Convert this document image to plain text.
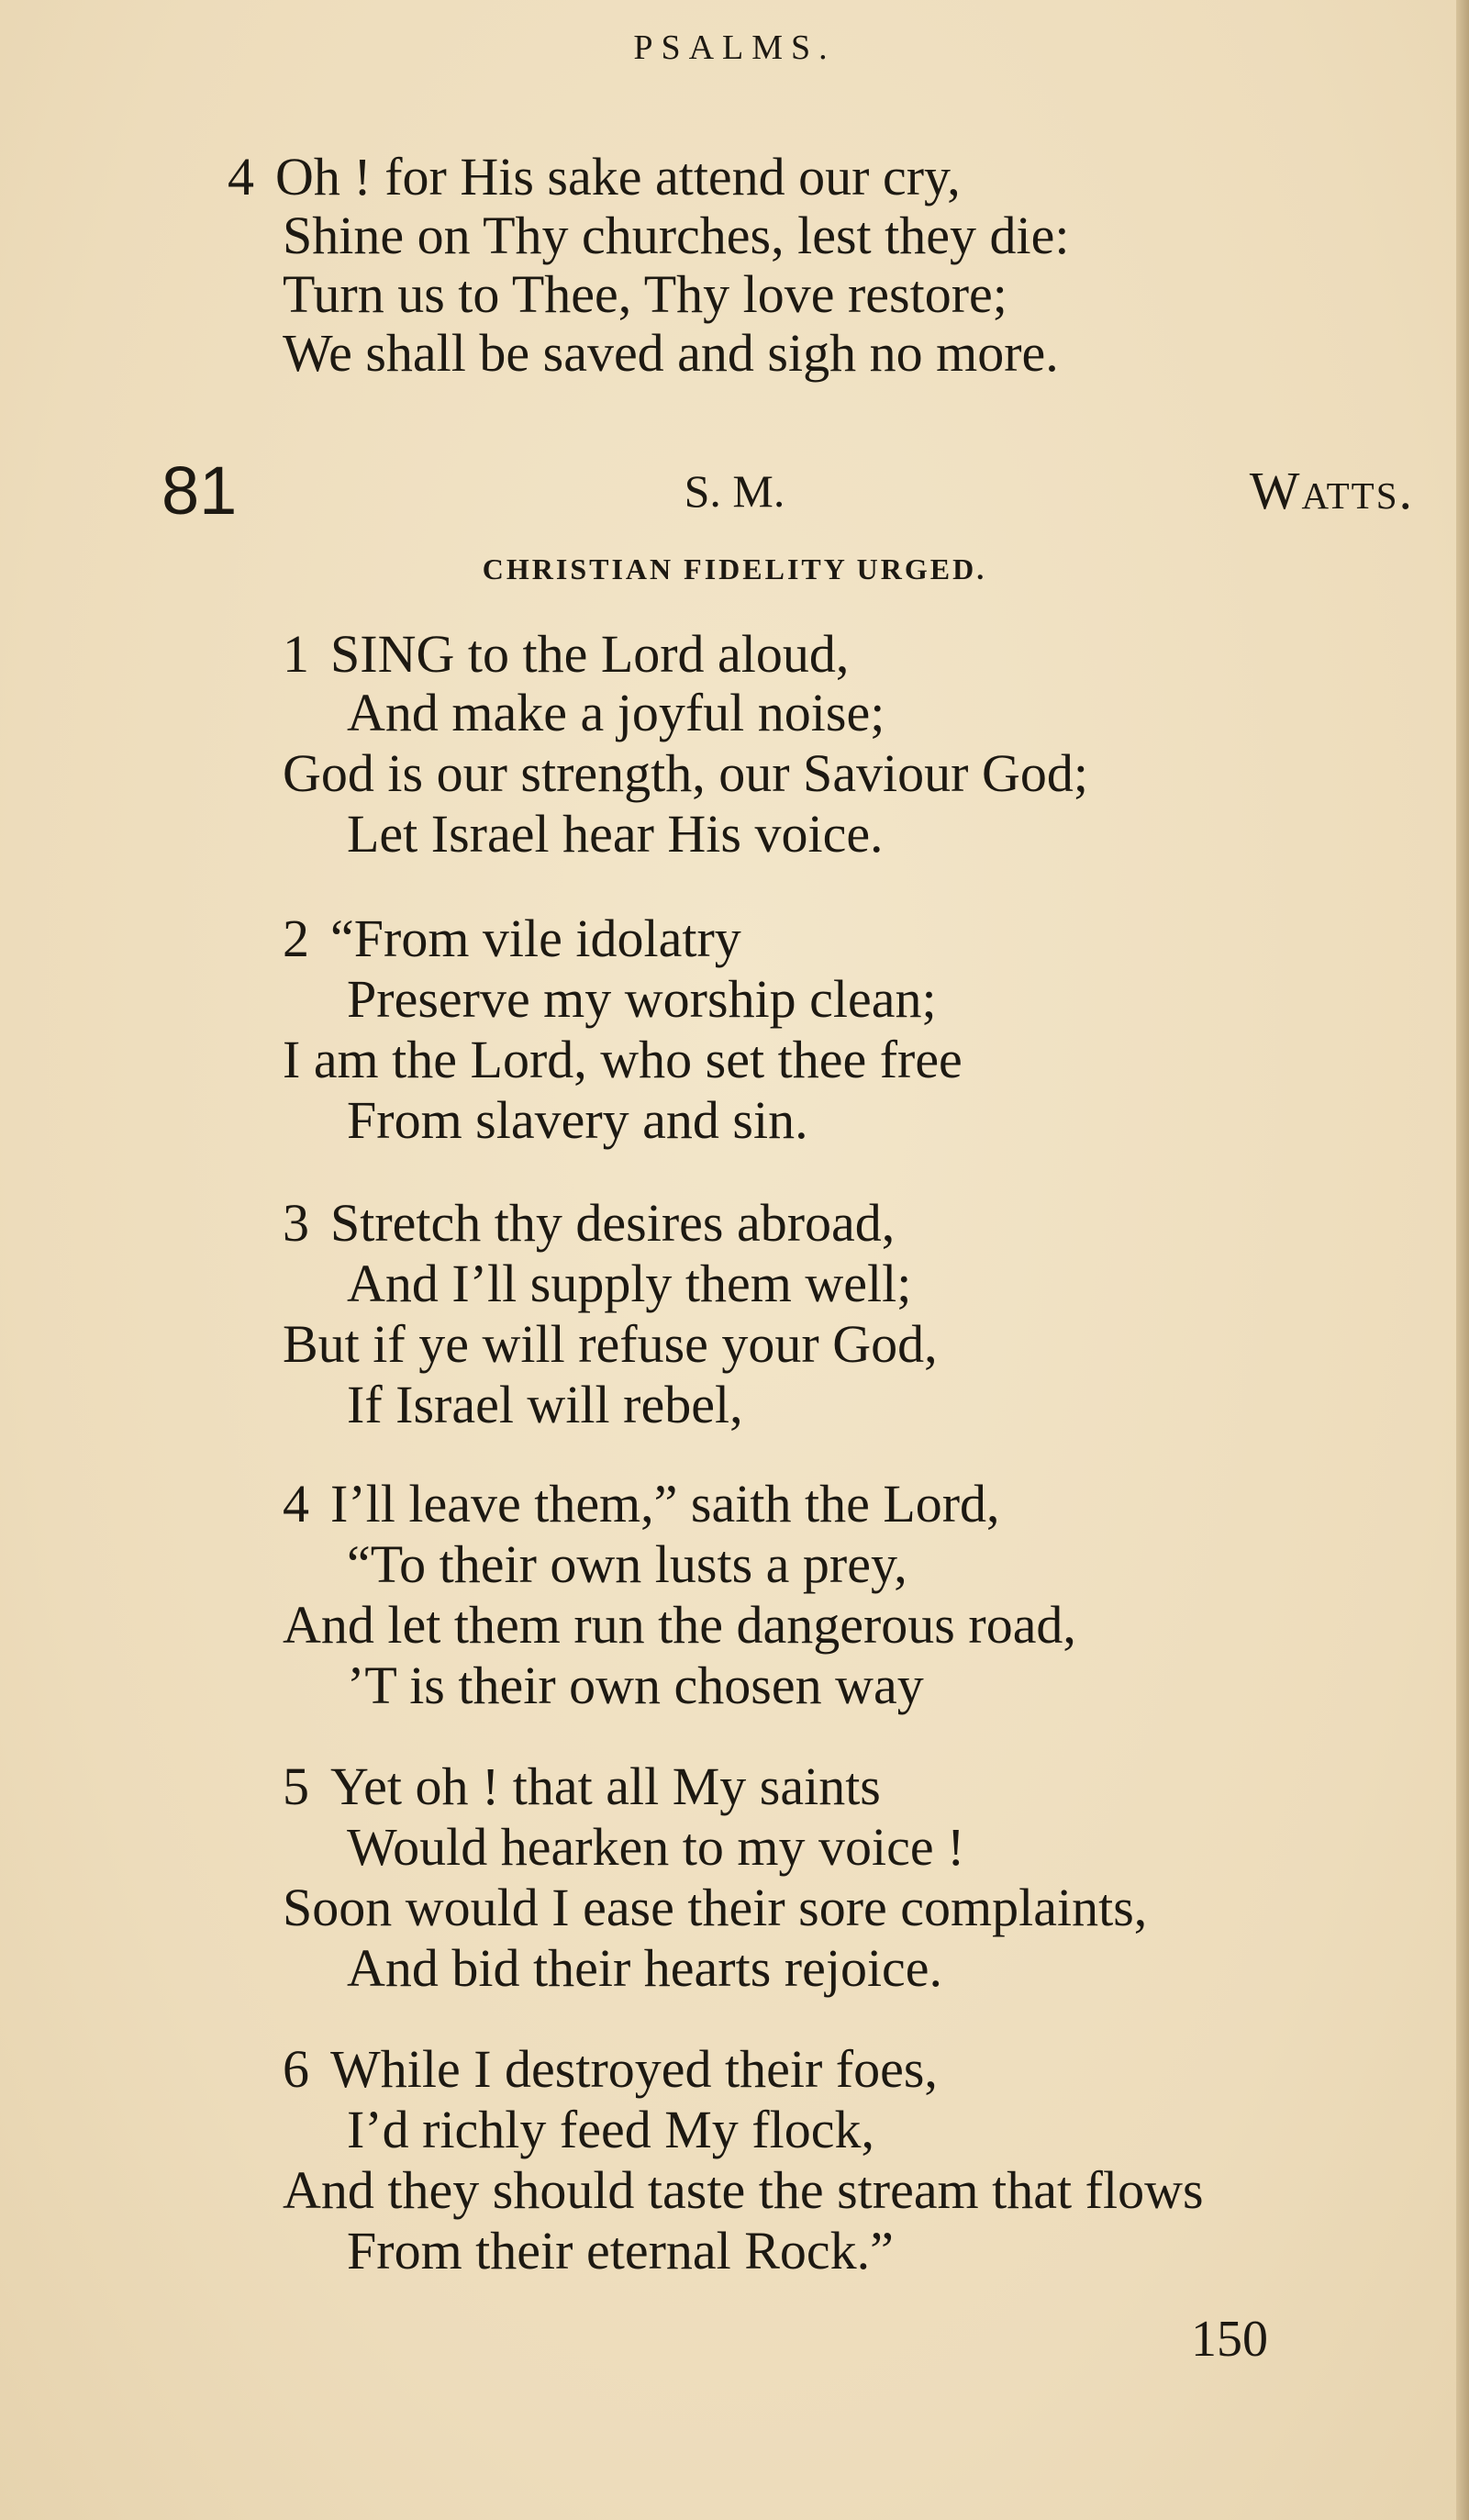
PSALMS.
4 Oh ! for His sake attend our cry,
Shine on Thy churches, lest they die:
Turn us to Thee, Thy love restore;
We shall be saved and sigh no more.
81	S. M.	Watts.
CHRISTIAN FIDELITY URGED.
1 SING to the Lord aloud,
And make a joyful noise;
God is our strength, our Saviour God;
Let Israel hear His voice.
2 “From vile idolatry
Preserve my worship clean;
I am the Lord, who set thee free
From slavery and sin.
3 Stretch thy desires abroad,
And I’ll supply them well;
But if ye will refuse your God,
If Israel will rebel,
4 I’ll leave them,” saith the Lord,
“To their own lusts a prey,
And let them run the dangerous road,
’T is their own chosen way
5 Yet oh ! that all My saints
Would hearken to my voice !
Soon would I ease their sore complaints,
And bid their hearts rejoice.
6 While I destroyed their foes,
I’d richly feed My flock,
And they should taste the stream that flows
From their eternal Rock.”
150
